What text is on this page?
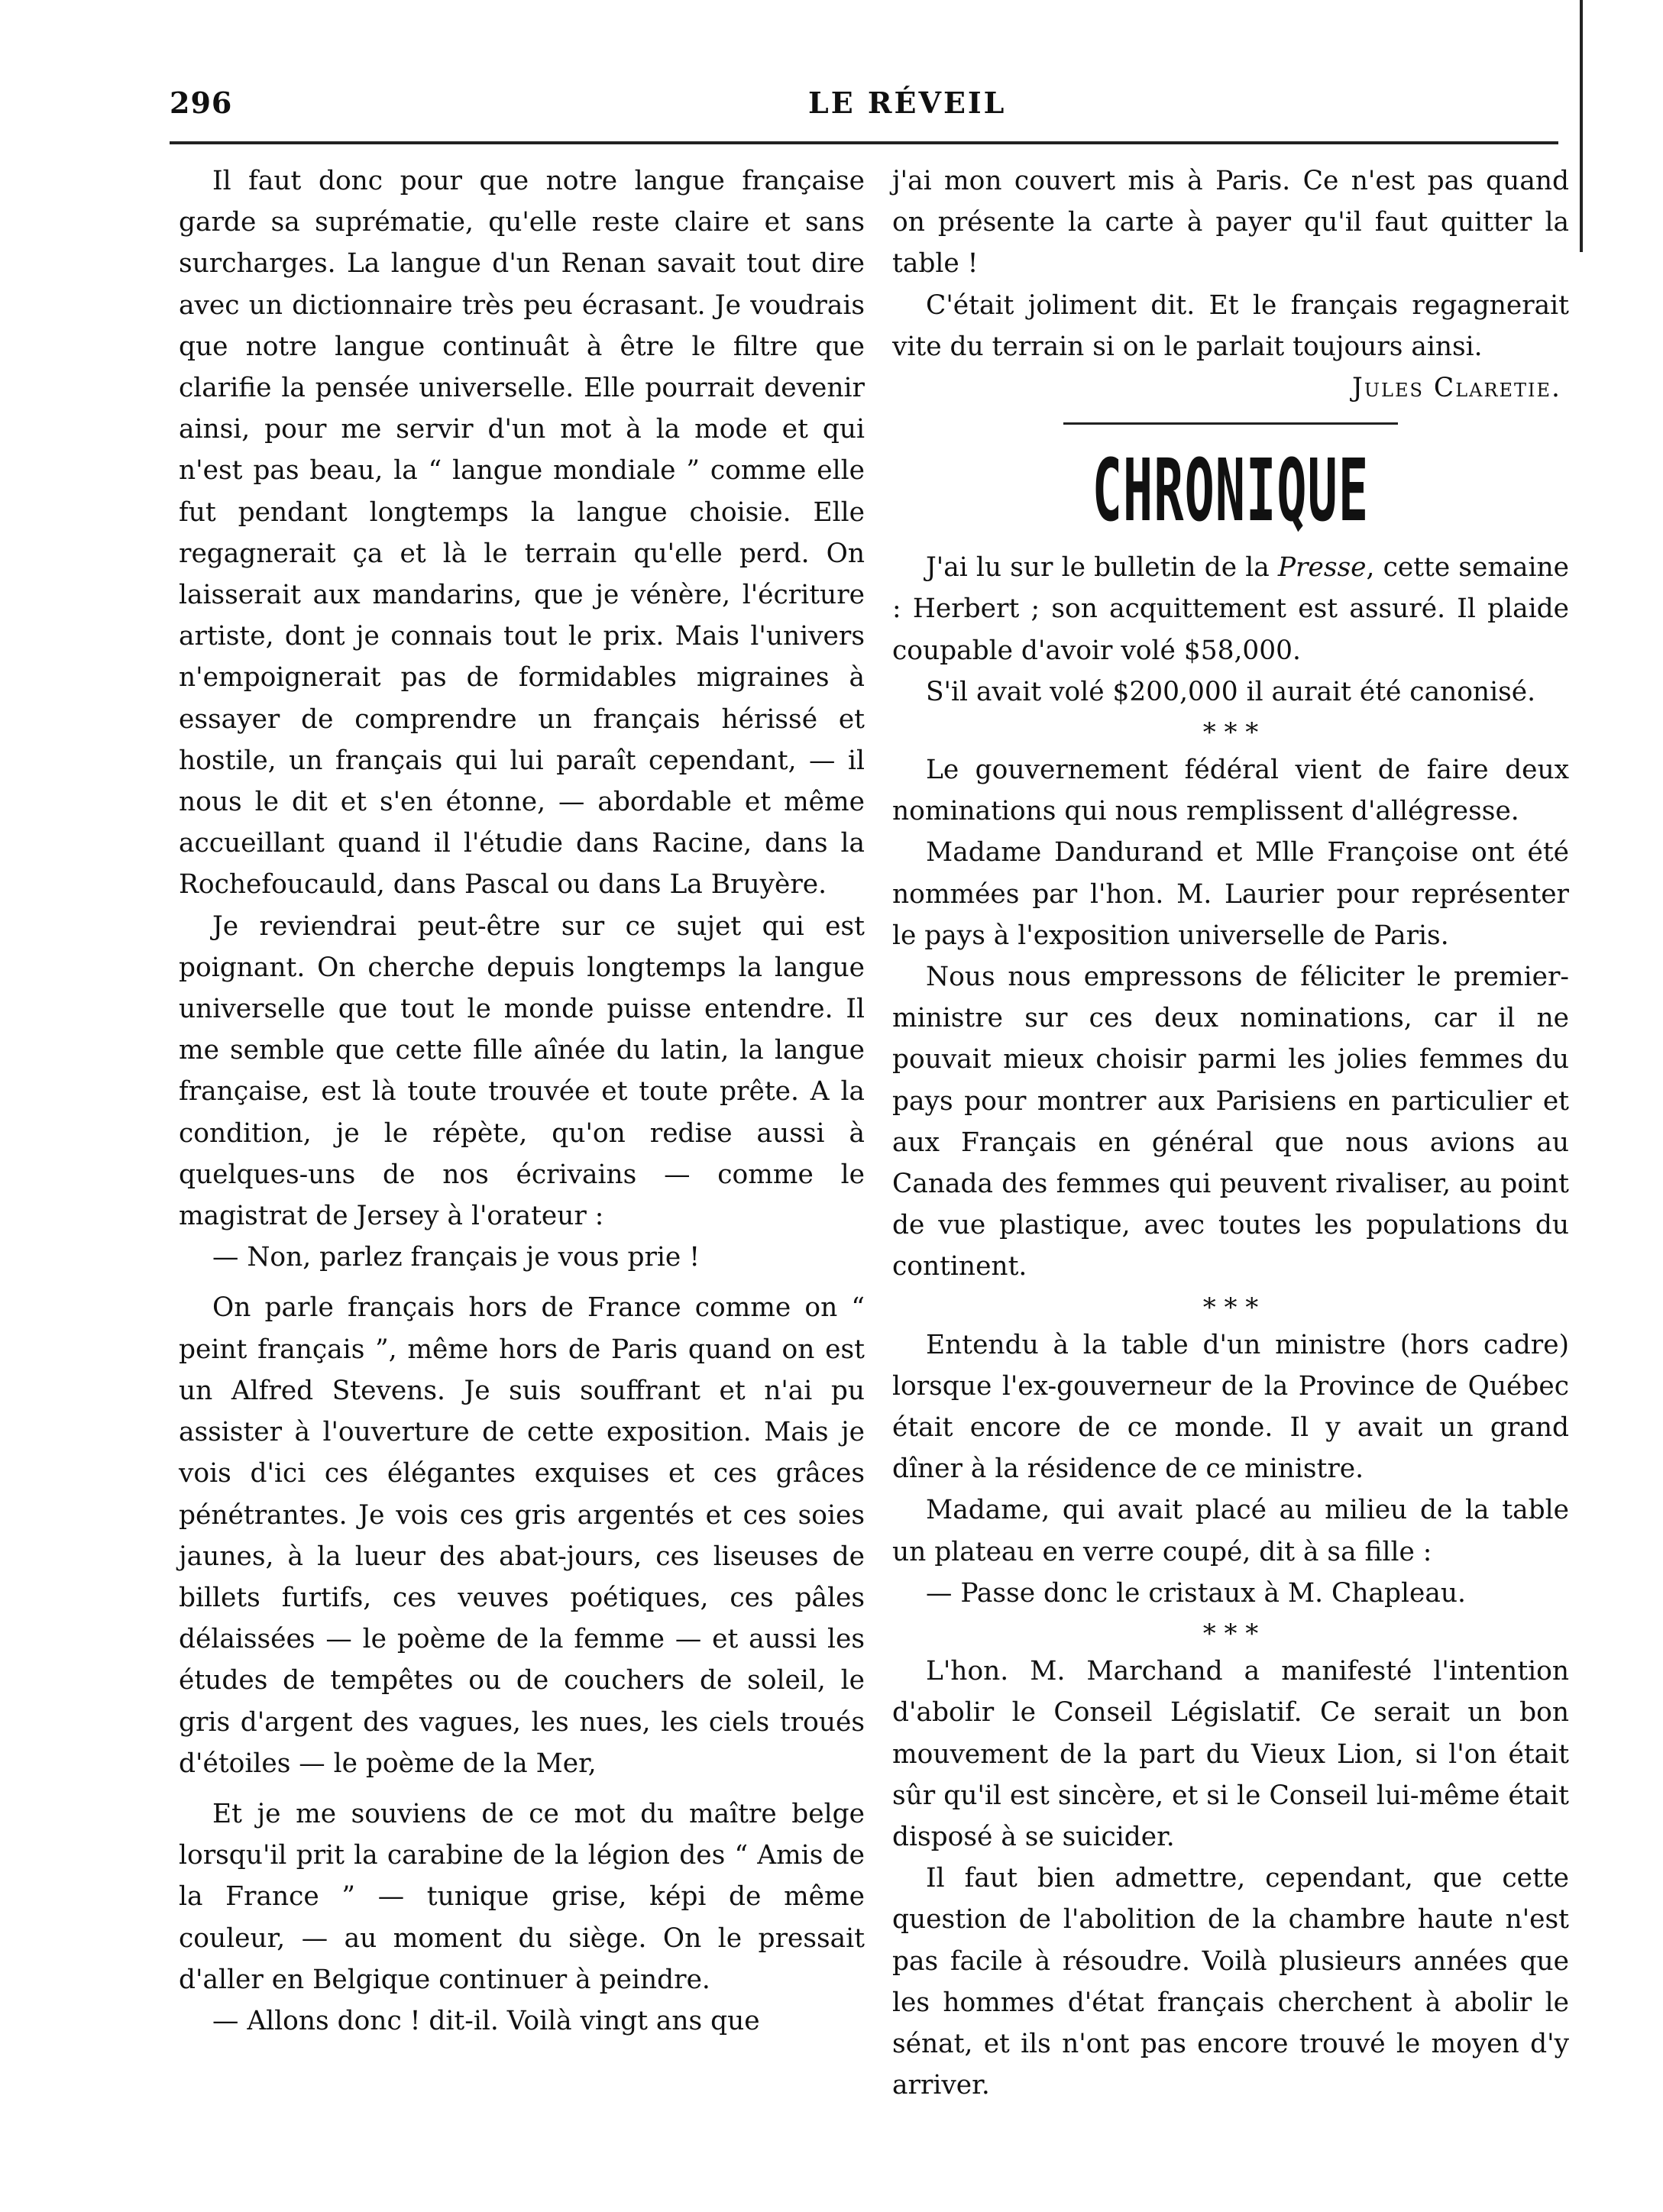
296	LE RÉVEIL

Il faut donc pour que notre langue française garde sa suprématie, qu'elle reste claire et sans surcharges. La langue d'un Renan savait tout dire avec un dictionnaire très peu écrasant. Je voudrais que notre langue continuât à être le filtre que clarifie la pensée universelle. Elle pourrait devenir ainsi, pour me servir d'un mot à la mode et qui n'est pas beau, la “ langue mondiale ” comme elle fut pendant longtemps la langue choisie. Elle regagnerait ça et là le terrain qu'elle perd. On laisserait aux mandarins, que je vénère, l'écriture artiste, dont je connais tout le prix. Mais l'univers n'empoignerait pas de formidables migraines à essayer de comprendre un français hérissé et hostile, un français qui lui paraît cependant, — il nous le dit et s'en étonne, — abordable et même accueillant quand il l'étudie dans Racine, dans la Rochefoucauld, dans Pascal ou dans La Bruyère.

Je reviendrai peut-être sur ce sujet qui est poignant. On cherche depuis longtemps la langue universelle que tout le monde puisse entendre. Il me semble que cette fille aînée du latin, la langue française, est là toute trouvée et toute prête. A la condition, je le répète, qu'on redise aussi à quelques-uns de nos écrivains — comme le magistrat de Jersey à l'orateur :

— Non, parlez français je vous prie !

On parle français hors de France comme on “ peint français ”, même hors de Paris quand on est un Alfred Stevens. Je suis souffrant et n'ai pu assister à l'ouverture de cette exposition. Mais je vois d'ici ces élégantes exquises et ces grâces pénétrantes. Je vois ces gris argentés et ces soies jaunes, à la lueur des abat-jours, ces liseuses de billets furtifs, ces veuves poétiques, ces pâles délaissées — le poème de la femme — et aussi les études de tempêtes ou de couchers de soleil, le gris d'argent des vagues, les nues, les ciels troués d'étoiles — le poème de la Mer,

Et je me souviens de ce mot du maître belge lorsqu'il prit la carabine de la légion des “ Amis de la France ” — tunique grise, képi de même couleur, — au moment du siège. On le pressait d'aller en Belgique continuer à peindre.

— Allons donc ! dit-il. Voilà vingt ans que

j'ai mon couvert mis à Paris. Ce n'est pas quand on présente la carte à payer qu'il faut quitter la table !

C'était joliment dit. Et le français regagnerait vite du terrain si on le parlait toujours ainsi.

Jules Claretie.
CHRONIQUE

J'ai lu sur le bulletin de la Presse, cette semaine : Herbert ; son acquittement est assuré. Il plaide coupable d'avoir volé $58,000.

S'il avait volé $200,000 il aurait été canonisé.

* * *

Le gouvernement fédéral vient de faire deux nominations qui nous remplissent d'allégresse.

Madame Dandurand et Mlle Françoise ont été nommées par l'hon. M. Laurier pour représenter le pays à l'exposition universelle de Paris.

Nous nous empressons de féliciter le premier-ministre sur ces deux nominations, car il ne pouvait mieux choisir parmi les jolies femmes du pays pour montrer aux Parisiens en particulier et aux Français en général que nous avions au Canada des femmes qui peuvent rivaliser, au point de vue plastique, avec toutes les populations du continent.

* * *

Entendu à la table d'un ministre (hors cadre) lorsque l'ex-gouverneur de la Province de Québec était encore de ce monde. Il y avait un grand dîner à la résidence de ce ministre.

Madame, qui avait placé au milieu de la table un plateau en verre coupé, dit à sa fille :

— Passe donc le cristaux à M. Chapleau.

* * *

L'hon. M. Marchand a manifesté l'intention d'abolir le Conseil Législatif. Ce serait un bon mouvement de la part du Vieux Lion, si l'on était sûr qu'il est sincère, et si le Conseil lui-même était disposé à se suicider.

Il faut bien admettre, cependant, que cette question de l'abolition de la chambre haute n'est pas facile à résoudre. Voilà plusieurs années que les hommes d'état français cherchent à abolir le sénat, et ils n'ont pas encore trouvé le moyen d'y arriver.
